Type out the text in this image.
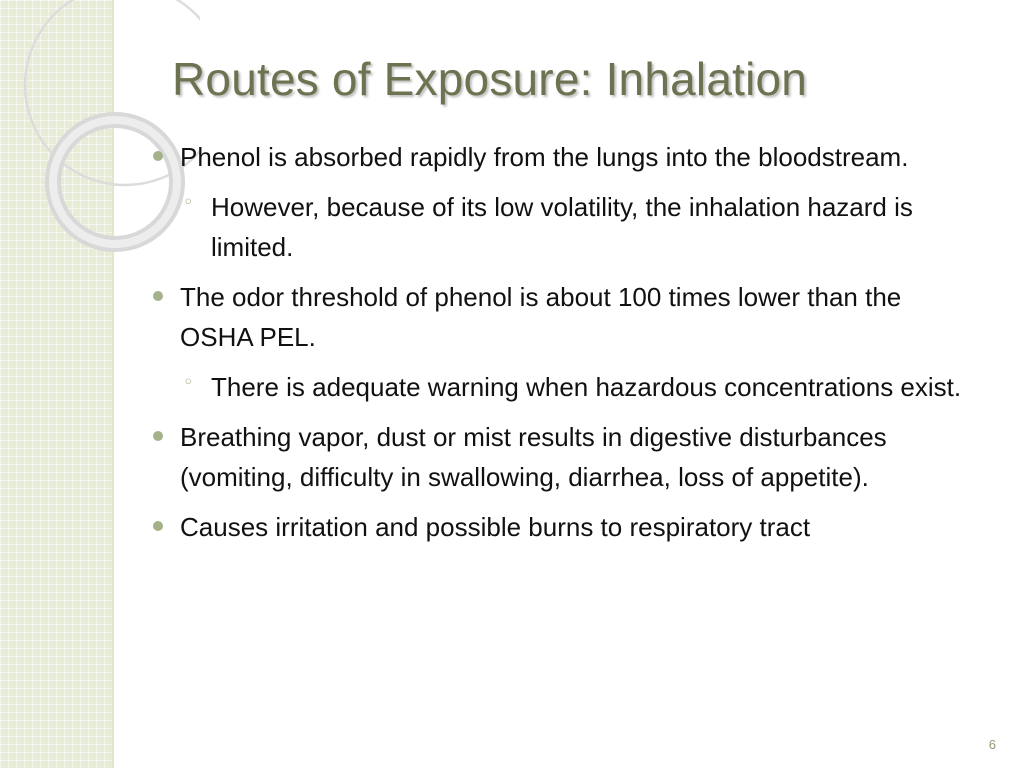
Routes of Exposure: Inhalation
Phenol is absorbed rapidly from the lungs into the bloodstream.
◦ However, because of its low volatility, the inhalation hazard is limited.
The odor threshold of phenol is about 100 times lower than the OSHA PEL.
◦ There is adequate warning when hazardous concentrations exist.
Breathing vapor, dust or mist results in digestive disturbances (vomiting, difficulty in swallowing, diarrhea, loss of appetite).
Causes irritation and possible burns to respiratory tract
6
